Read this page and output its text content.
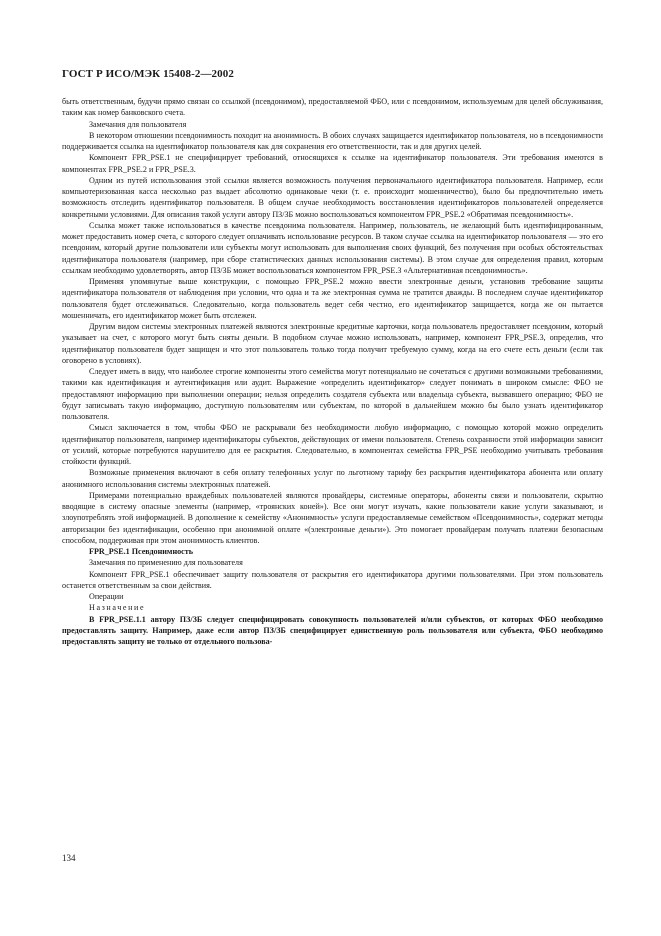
ГОСТ Р ИСО/МЭК 15408-2—2002

быть ответственным, будучи прямо связан со ссылкой (псевдонимом), предоставляемой ФБО, или с псевдонимом, используемым для целей обслуживания, таким как номер банковского счета.

Замечания для пользователя

В некотором отношении псевдонимность походит на анонимность. В обоих случаях защищается идентификатор пользователя, но в псевдонимности поддерживается ссылка на идентификатор пользователя как для сохранения его ответственности, так и для других целей.

Компонент FPR_PSE.1 не специфицирует требований, относящихся к ссылке на идентификатор пользователя. Эти требования имеются в компонентах FPR_PSE.2 и FPR_PSE.3.

Одним из путей использования этой ссылки является возможность получения первоначального идентификатора пользователя. Например, если компьютеризованная касса несколько раз выдает абсолютно одинаковые чеки (т. е. происходит мошенничество), было бы предпочтительно иметь возможность отследить идентификатор пользователя. В общем случае необходимость восстановления идентификаторов пользователей определяется конкретными условиями. Для описания такой услуги автору ПЗ/ЗБ можно воспользоваться компонентом FPR_PSE.2 «Обратимая псевдонимность».

Ссылка может также использоваться в качестве псевдонима пользователя. Например, пользователь, не желающий быть идентифицированным, может предоставить номер счета, с которого следует оплачивать использование ресурсов. В таком случае ссылка на идентификатор пользователя — это его псевдоним, который другие пользователи или субъекты могут использовать для выполнения своих функций, без получения при особых обстоятельствах идентификатора пользователя (например, при сборе статистических данных использования системы). В этом случае для определения правил, которым ссылкам необходимо удовлетворять, автор ПЗ/ЗБ может воспользоваться компонентом FPR_PSE.3 «Альтернативная псевдонимность».

Применяя упомянутые выше конструкции, с помощью FPR_PSE.2 можно ввести электронные деньги, установив требование защиты идентификатора пользователя от наблюдения при условии, что одна и та же электронная сумма не тратится дважды. В последнем случае идентификатор пользователя будет отслеживаться. Следовательно, когда пользователь ведет себя честно, его идентификатор защищается, когда же он пытается мошенничать, его идентификатор может быть отслежен.

Другим видом системы электронных платежей являются электронные кредитные карточки, когда пользователь предоставляет псевдоним, который указывает на счет, с которого могут быть сняты деньги. В подобном случае можно использовать, например, компонент FPR_PSE.3, определив, что идентификатор пользователя будет защищен и что этот пользователь только тогда получит требуемую сумму, когда на его счете есть деньги (если так оговорено в условиях).

Следует иметь в виду, что наиболее строгие компоненты этого семейства могут потенциально не сочетаться с другими возможными требованиями, такими как идентификация и аутентификация или аудит. Выражение «определить идентификатор» следует понимать в широком смысле: ФБО не предоставляют информацию при выполнении операции; нельзя определить создателя субъекта или владельца субъекта, вызвавшего операцию; ФБО не будут записывать такую информацию, доступную пользователям или субъектам, по которой в дальнейшем можно бы было узнать идентификатор пользователя.

Смысл заключается в том, чтобы ФБО не раскрывали без необходимости любую информацию, с помощью которой можно определить идентификатор пользователя, например идентификаторы субъектов, действующих от имени пользователя. Степень сохранности этой информации зависит от усилий, которые потребуются нарушителю для ее раскрытия. Следовательно, в компонентах семейства FPR_PSE необходимо учитывать требования стойкости функций.

Возможные применения включают в себя оплату телефонных услуг по льготному тарифу без раскрытия идентификатора абонента или оплату анонимного использования системы электронных платежей.

Примерами потенциально враждебных пользователей являются провайдеры, системные операторы, абоненты связи и пользователи, скрытно вводящие в систему опасные элементы (например, «троянских коней»). Все они могут изучать, какие пользователи какие услуги заказывают, и злоупотреблять этой информацией. В дополнение к семейству «Анонимность» услуги предоставляемые семейством «Псевдонимность», содержат методы авторизации без идентификации, особенно при анонимной оплате «(электронные деньги»). Это помогает провайдерам получать платежи безопасным способом, поддерживая при этом анонимность клиентов.

FPR_PSE.1 Псевдонимность

Замечания по применению для пользователя

Компонент FPR_PSE.1 обеспечивает защиту пользователя от раскрытия его идентификатора другими пользователями. При этом пользователь останется ответственным за свои действия.

Операции

Назначение

В FPR_PSE.1.1 автору ПЗ/ЗБ следует специфицировать совокупность пользователей и/или субъектов, от которых ФБО необходимо предоставлять защиту. Например, даже если автор ПЗ/ЗБ специфицирует единственную роль пользователя или субъекта, ФБО необходимо предоставлять защиту не только от отдельного пользова-

134
